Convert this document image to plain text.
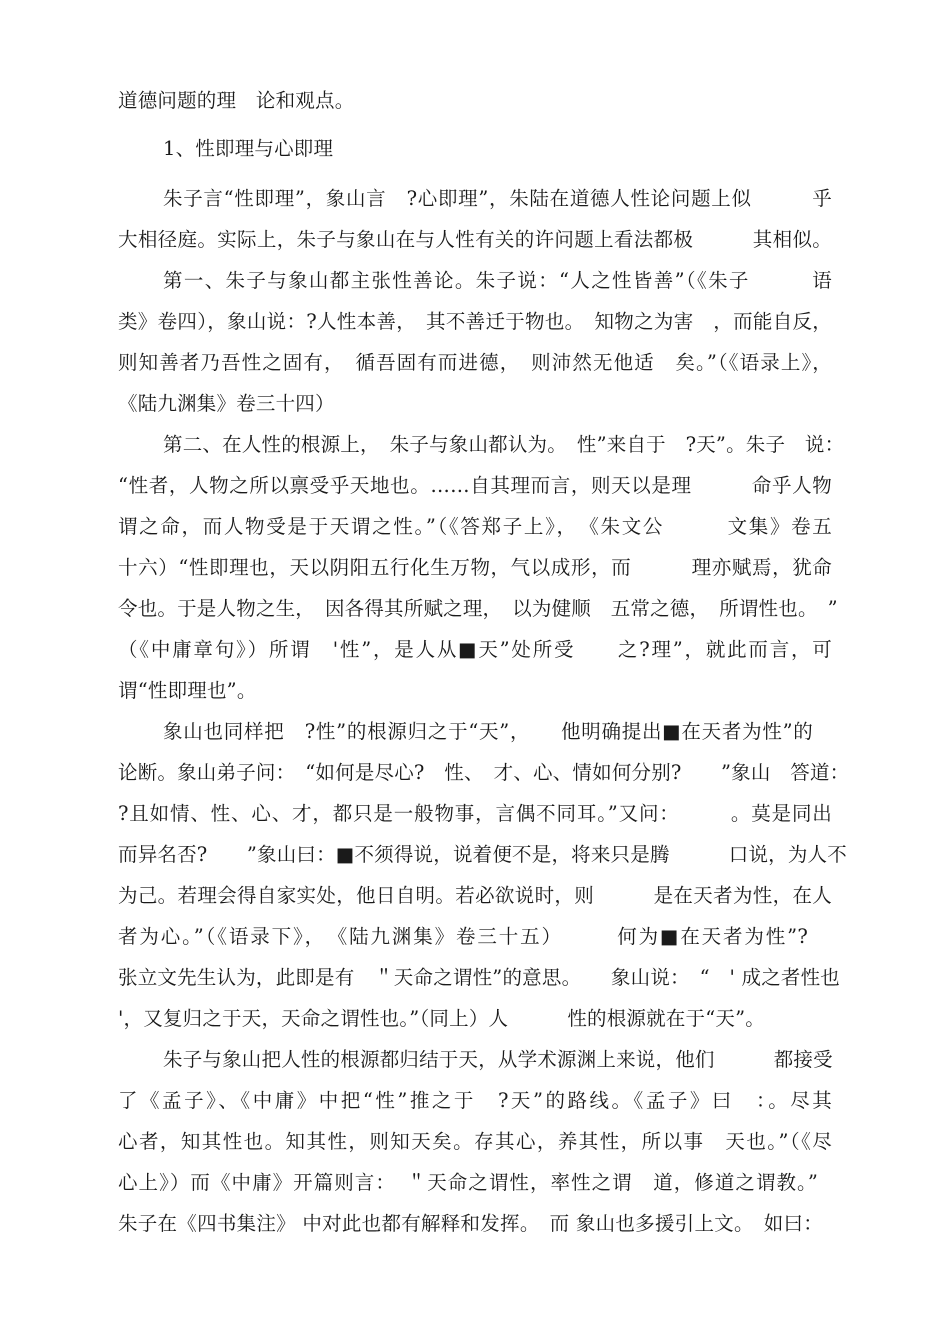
道德问题的理　论和观点。
1、性即理与心即理
朱子言“性即理”，象山言　?心即理”，朱陆在道德人性论问题上似　　　乎
大相径庭。实际上，朱子与象山在与人性有关的许问题上看法都极　　　其相似。
第一、朱子与象山都主张性善论。朱子说：“人之性皆善”（《朱子　　　语
类》卷四），象山说：?人性本善，　其不善迁于物也。　知物之为害　，而能自反，
则知善者乃吾性之固有，　循吾固有而进德，　则沛然无他适　矣。”（《语录上》，
《陆九渊集》卷三十四）
第二、在人性的根源上，　朱子与象山都认为。　性”来自于　?天”。朱子　说：
“性者，人物之所以禀受乎天地也。……自其理而言，则天以是理　　　命乎人物
谓之命，而人物受是于天谓之性。”（《答郑子上》，　《朱文公　　　文集》卷五
十六）“性即理也，天以阴阳五行化生万物，气以成形，而　　　理亦赋焉，犹命
令也。于是人物之生，　因各得其所赋之理，　以为健顺　五常之德，　所谓性也。　”
（《中庸章句》）所谓　'性”，是人从■天”处所受　　之?理”，就此而言，可
谓“性即理也”。
象山也同样把　?性”的根源归之于“天”，　　他明确提出■在天者为性”的
论断。象山弟子问：　“如何是尽心?　性、　才、心、情如何分别?　　”象山　答道：
?且如情、性、心、才，都只是一般物事，言偶不同耳。”又问：　　　。莫是同出
而异名否?　　”象山曰：■不须得说，说着便不是，将来只是腾　　　口说，为人不
为己。若理会得自家实处，他日自明。若必欲说时，则　　　是在天者为性，在人
者为心。”（《语录下》，　《陆九渊集》卷三十五）　　　何为■在天者为性”?
张立文先生认为，此即是有　＂天命之谓性”的意思。　　象山说：　“　' 成之者性也
'，又复归之于天，天命之谓性也。”（同上）人　　　性的根源就在于“天”。
朱子与象山把人性的根源都归结于天，从学术源渊上来说，他们　　　都接受
了《孟子》、《中庸》中把“性”推之于　?天”的路线。《孟子》曰　：。尽其
心者，知其性也。知其性，则知天矣。存其心，养其性，所以事　天也。”（《尽
心上》）而《中庸》开篇则言：　＂天命之谓性，率性之谓　道，修道之谓教。”
朱子在《四书集注》 中对此也都有解释和发挥。　而 象山也多援引上文。　如曰：
